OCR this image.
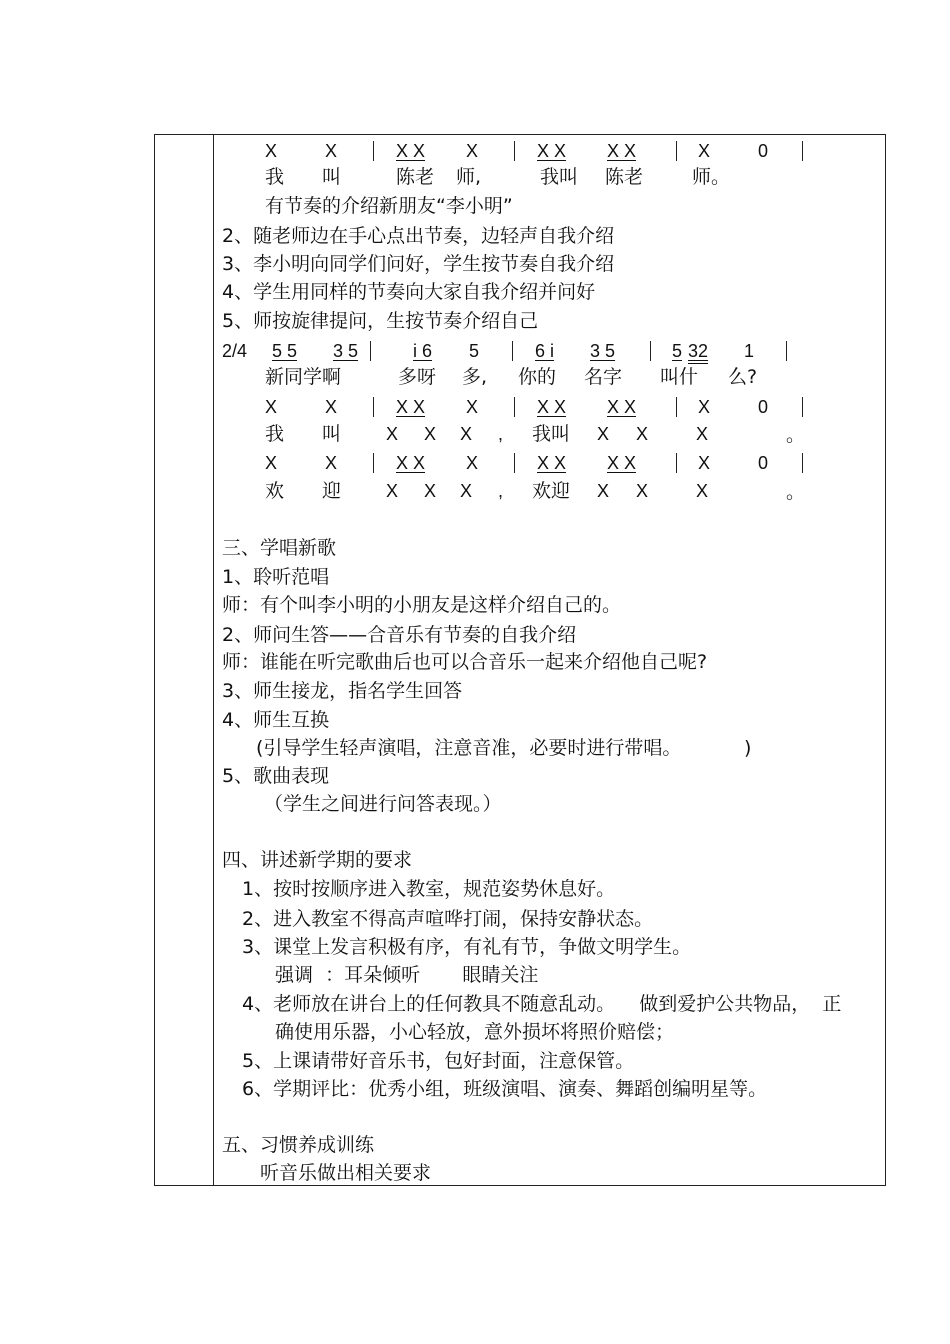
X	X	X X X	X X X X	X	0
我 叫	陈老 师,	我叫 陈老	师。
有节奏的介绍新朋友“李小明”
2、随老师边在手心点出节奏，边轻声自我介绍
3、李小明向同学们问好，学生按节奏自我介绍
4、学生用同样的节奏向大家自我介绍并问好
5、师按旋律提问，生按节奏介绍自己
2/4 5 5 3 5	i 6 5	6 i 3 5	5 32 1
新同学啊	多呀 多, 你的 名字 叫什 么?
X	X	X X X	X X X X	X	0
我 叫 X X X , 我叫 X X	X	。
X	X	X X X	X X X X	X	0
欢 迎 X X X , 欢迎 X X	X	。
三、学唱新歌
1、聆听范唱
师：有个叫李小明的小朋友是这样介绍自己的。
2、师问生答——合音乐有节奏的自我介绍
师：谁能在听完歌曲后也可以合音乐一起来介绍他自己呢?
3、师生接龙，指名学生回答
4、师生互换
(引导学生轻声演唱，注意音准，必要时进行带唱。	)
5、歌曲表现
（学生之间进行问答表现。）
四、讲述新学期的要求
1、按时按顺序进入教室，规范姿势休息好。
2、进入教室不得高声喧哗打闹，保持安静状态。
3、课堂上发言积极有序，有礼有节，争做文明学生。
强调  ：耳朵倾听       眼睛关注
4、老师放在讲台上的任何教具不随意乱动。    做到爱护公共物品，  正
确使用乐器，小心轻放，意外损坏将照价赔偿；
5、上课请带好音乐书，包好封面，注意保管。
6、学期评比：优秀小组，班级演唱、演奏、舞蹈创编明星等。
五、习惯养成训练
听音乐做出相关要求
